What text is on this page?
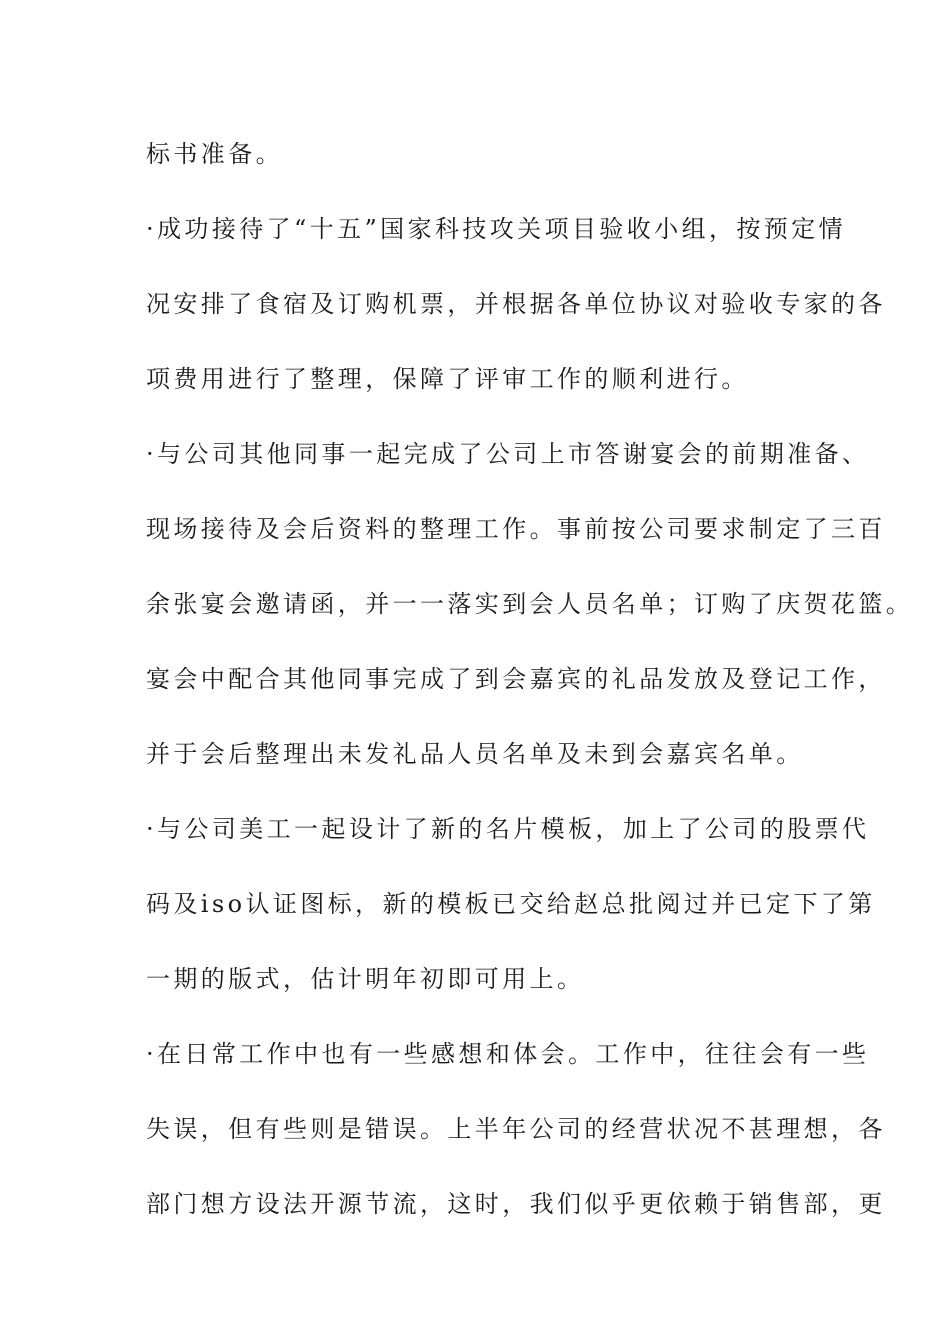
标书准备。
·成功接待了“十五”国家科技攻关项目验收小组，按预定情
况安排了食宿及订购机票，并根据各单位协议对验收专家的各
项费用进行了整理，保障了评审工作的顺利进行。
·与公司其他同事一起完成了公司上市答谢宴会的前期准备、
现场接待及会后资料的整理工作。事前按公司要求制定了三百
余张宴会邀请函，并一一落实到会人员名单；订购了庆贺花篮。
宴会中配合其他同事完成了到会嘉宾的礼品发放及登记工作，
并于会后整理出未发礼品人员名单及未到会嘉宾名单。
·与公司美工一起设计了新的名片模板，加上了公司的股票代
码及iso认证图标，新的模板已交给赵总批阅过并已定下了第
一期的版式，估计明年初即可用上。
·在日常工作中也有一些感想和体会。工作中，往往会有一些
失误，但有些则是错误。上半年公司的经营状况不甚理想，各
部门想方设法开源节流，这时，我们似乎更依赖于销售部，更
